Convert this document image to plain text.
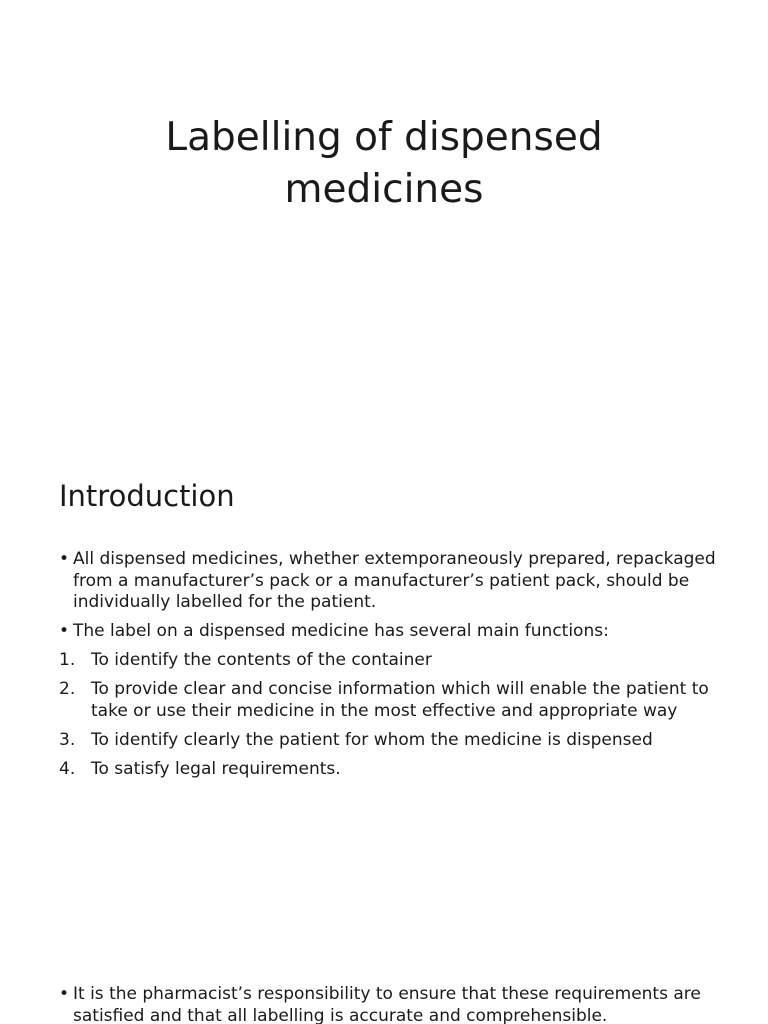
Labelling of dispensed
medicines
Introduction
• All dispensed medicines, whether extemporaneously prepared, repackaged from a manufacturer’s pack or a manufacturer’s patient pack, should be individually labelled for the patient.
• The label on a dispensed medicine has several main functions:
1. To identify the contents of the container
2. To provide clear and concise information which will enable the patient to take or use their medicine in the most effective and appropriate way
3. To identify clearly the patient for whom the medicine is dispensed
4. To satisfy legal requirements.
• It is the pharmacist’s responsibility to ensure that these requirements are satisfied and that all labelling is accurate and comprehensible.
